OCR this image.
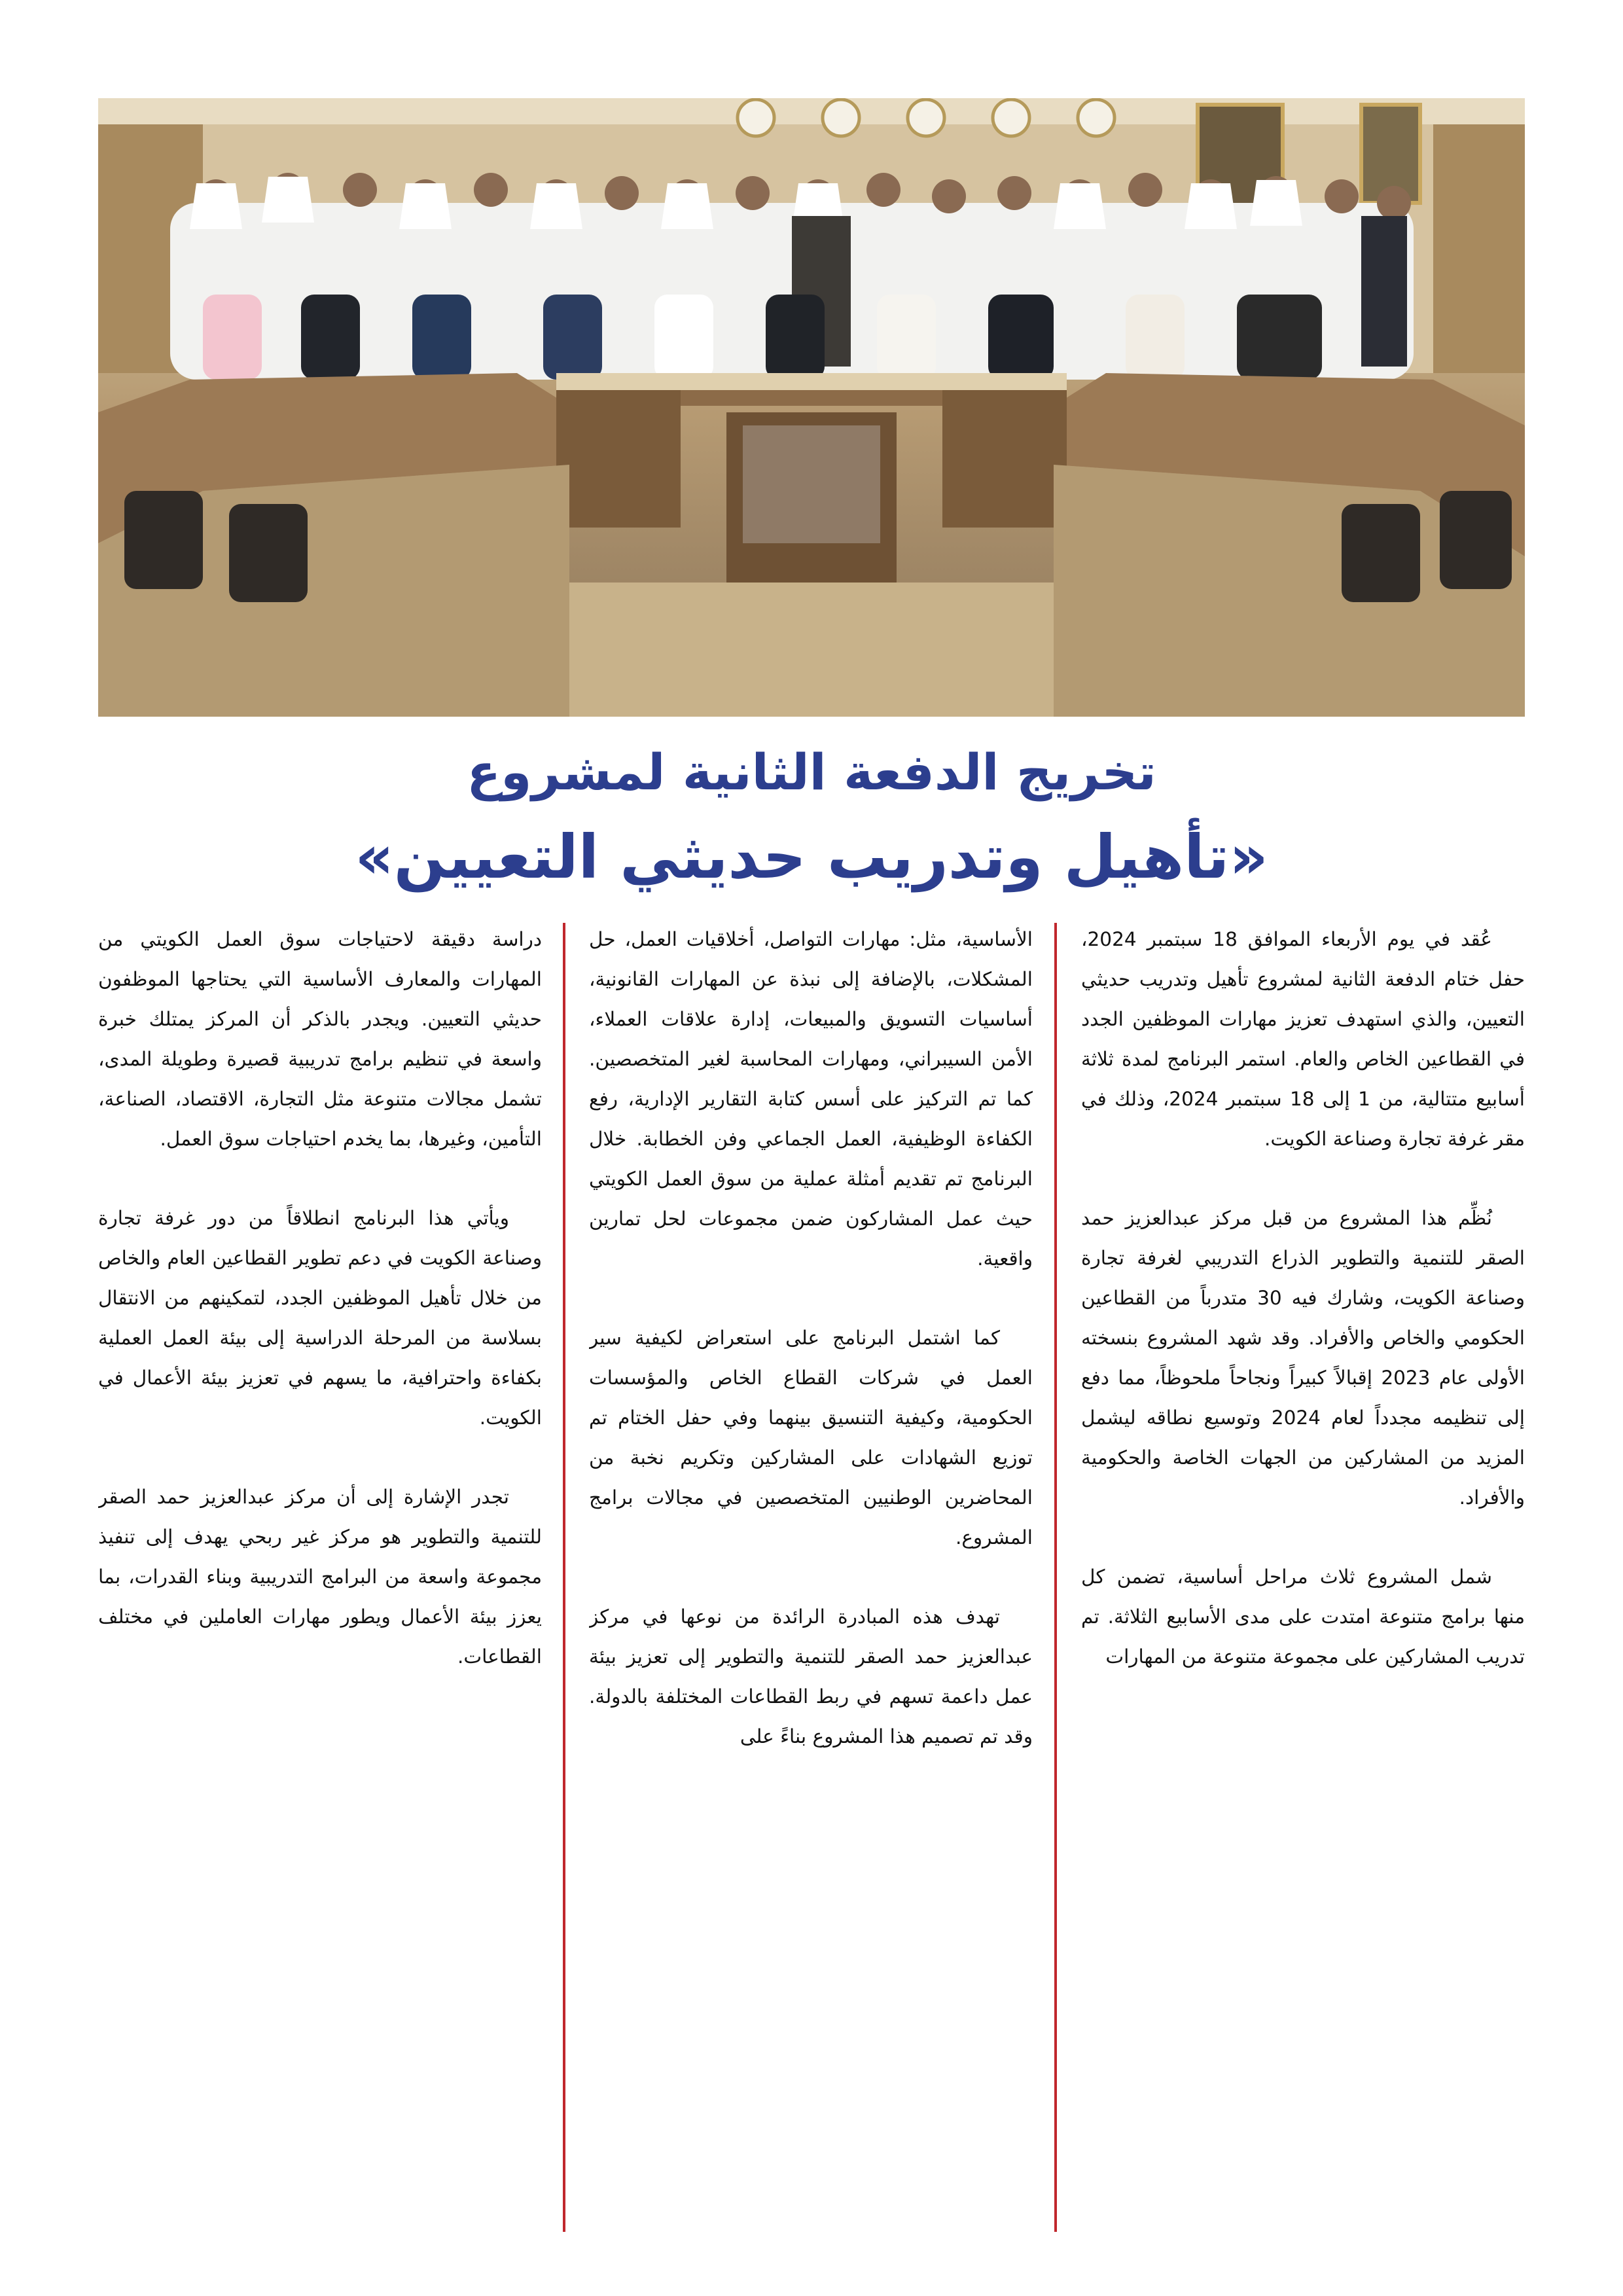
تخريج الدفعة الثانية لمشروع
«تأهيل وتدريب حديثي التعيين»

عُقد في يوم الأربعاء الموافق 18 سبتمبر 2024، حفل ختام الدفعة الثانية لمشروع تأهيل وتدريب حديثي التعيين، والذي استهدف تعزيز مهارات الموظفين الجدد في القطاعين الخاص والعام. استمر البرنامج لمدة ثلاثة أسابيع متتالية، من 1 إلى 18 سبتمبر 2024، وذلك في مقر غرفة تجارة وصناعة الكويت.

نُظِّم هذا المشروع من قبل مركز عبدالعزيز حمد الصقر للتنمية والتطوير الذراع التدريبي لغرفة تجارة وصناعة الكويت، وشارك فيه 30 متدرباً من القطاعين الحكومي والخاص والأفراد. وقد شهد المشروع بنسخته الأولى عام 2023 إقبالاً كبيراً ونجاحاً ملحوظاً، مما دفع إلى تنظيمه مجدداً لعام 2024 وتوسيع نطاقه ليشمل المزيد من المشاركين من الجهات الخاصة والحكومية والأفراد.

شمل المشروع ثلاث مراحل أساسية، تضمن كل منها برامج متنوعة امتدت على مدى الأسابيع الثلاثة. تم تدريب المشاركين على مجموعة متنوعة من المهارات

الأساسية، مثل: مهارات التواصل، أخلاقيات العمل، حل المشكلات، بالإضافة إلى نبذة عن المهارات القانونية، أساسيات التسويق والمبيعات، إدارة علاقات العملاء، الأمن السيبراني، ومهارات المحاسبة لغير المتخصصين. كما تم التركيز على أسس كتابة التقارير الإدارية، رفع الكفاءة الوظيفية، العمل الجماعي وفن الخطابة. خلال البرنامج تم تقديم أمثلة عملية من سوق العمل الكويتي حيث عمل المشاركون ضمن مجموعات لحل تمارين واقعية.

كما اشتمل البرنامج على استعراض لكيفية سير العمل في شركات القطاع الخاص والمؤسسات الحكومية، وكيفية التنسيق بينهما وفي حفل الختام تم توزيع الشهادات على المشاركين وتكريم نخبة من المحاضرين الوطنيين المتخصصين في مجالات برامج المشروع.

تهدف هذه المبادرة الرائدة من نوعها في مركز عبدالعزيز حمد الصقر للتنمية والتطوير إلى تعزيز بيئة عمل داعمة تسهم في ربط القطاعات المختلفة بالدولة. وقد تم تصميم هذا المشروع بناءً على

دراسة دقيقة لاحتياجات سوق العمل الكويتي من المهارات والمعارف الأساسية التي يحتاجها الموظفون حديثي التعيين. ويجدر بالذكر أن المركز يمتلك خبرة واسعة في تنظيم برامج تدريبية قصيرة وطويلة المدى، تشمل مجالات متنوعة مثل التجارة، الاقتصاد، الصناعة، التأمين، وغيرها، بما يخدم احتياجات سوق العمل.

ويأتي هذا البرنامج انطلاقاً من دور غرفة تجارة وصناعة الكويت في دعم تطوير القطاعين العام والخاص من خلال تأهيل الموظفين الجدد، لتمكينهم من الانتقال بسلاسة من المرحلة الدراسية إلى بيئة العمل العملية بكفاءة واحترافية، ما يسهم في تعزيز بيئة الأعمال في الكويت.

تجدر الإشارة إلى أن مركز عبدالعزيز حمد الصقر للتنمية والتطوير هو مركز غير ربحي يهدف إلى تنفيذ مجموعة واسعة من البرامج التدريبية وبناء القدرات، بما يعزز بيئة الأعمال ويطور مهارات العاملين في مختلف القطاعات.
